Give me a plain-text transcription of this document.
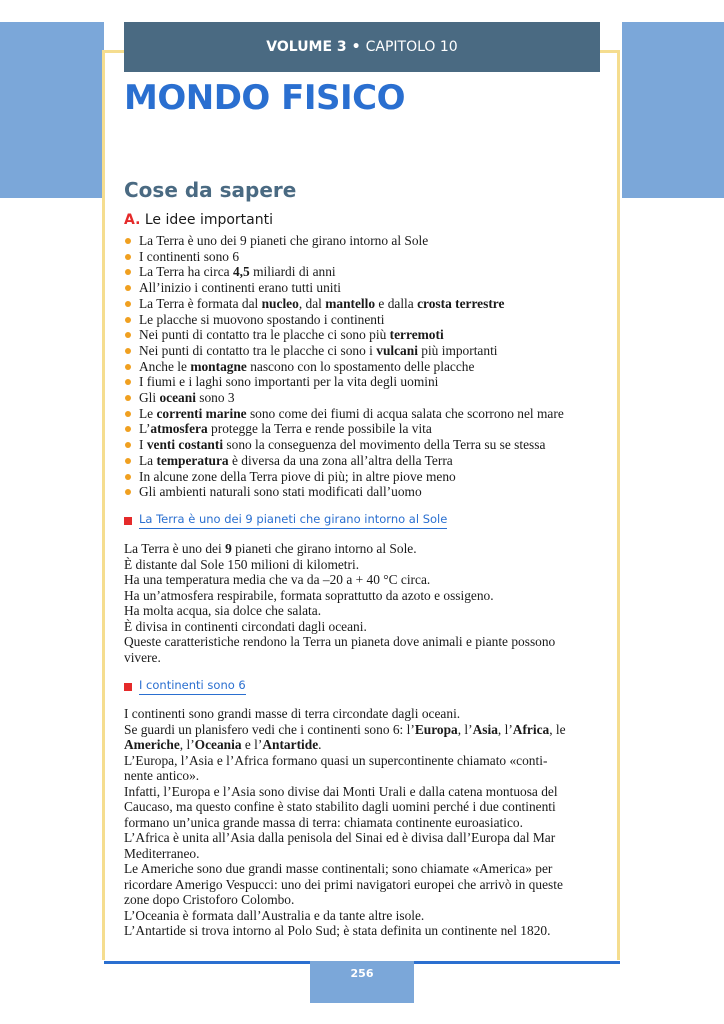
VOLUME 3 • CAPITOLO 10
MONDO FISICO
Cose da sapere
A. Le idee importanti
La Terra è uno dei 9 pianeti che girano intorno al Sole
I continenti sono 6
La Terra ha circa 4,5 miliardi di anni
All’inizio i continenti erano tutti uniti
La Terra è formata dal nucleo, dal mantello e dalla crosta terrestre
Le placche si muovono spostando i continenti
Nei punti di contatto tra le placche ci sono più terremoti
Nei punti di contatto tra le placche ci sono i vulcani più importanti
Anche le montagne nascono con lo spostamento delle placche
I fiumi e i laghi sono importanti per la vita degli uomini
Gli oceani sono 3
Le correnti marine sono come dei fiumi di acqua salata che scorrono nel mare
L’atmosfera protegge la Terra e rende possibile la vita
I venti costanti sono la conseguenza del movimento della Terra su se stessa
La temperatura è diversa da una zona all’altra della Terra
In alcune zone della Terra piove di più; in altre piove meno
Gli ambienti naturali sono stati modificati dall’uomo
La Terra è uno dei 9 pianeti che girano intorno al Sole
La Terra è uno dei 9 pianeti che girano intorno al Sole.
È distante dal Sole 150 milioni di kilometri.
Ha una temperatura media che va da –20 a + 40 °C circa.
Ha un’atmosfera respirabile, formata soprattutto da azoto e ossigeno.
Ha molta acqua, sia dolce che salata.
È divisa in continenti circondati dagli oceani.
Queste caratteristiche rendono la Terra un pianeta dove animali e piante possono
vivere.
I continenti sono 6
I continenti sono grandi masse di terra circondate dagli oceani.
Se guardi un planisfero vedi che i continenti sono 6: l’Europa, l’Asia, l’Africa, le
Americhe, l’Oceania e l’Antartide.
L’Europa, l’Asia e l’Africa formano quasi un supercontinente chiamato «conti-
nente antico».
Infatti, l’Europa e l’Asia sono divise dai Monti Urali e dalla catena montuosa del
Caucaso, ma questo confine è stato stabilito dagli uomini perché i due continenti
formano un’unica grande massa di terra: chiamata continente euroasiatico.
L’Africa è unita all’Asia dalla penisola del Sinai ed è divisa dall’Europa dal Mar
Mediterraneo.
Le Americhe sono due grandi masse continentali; sono chiamate «America» per
ricordare Amerigo Vespucci: uno dei primi navigatori europei che arrivò in queste
zone dopo Cristoforo Colombo.
L’Oceania è formata dall’Australia e da tante altre isole.
L’Antartide si trova intorno al Polo Sud; è stata definita un continente nel 1820.
256
